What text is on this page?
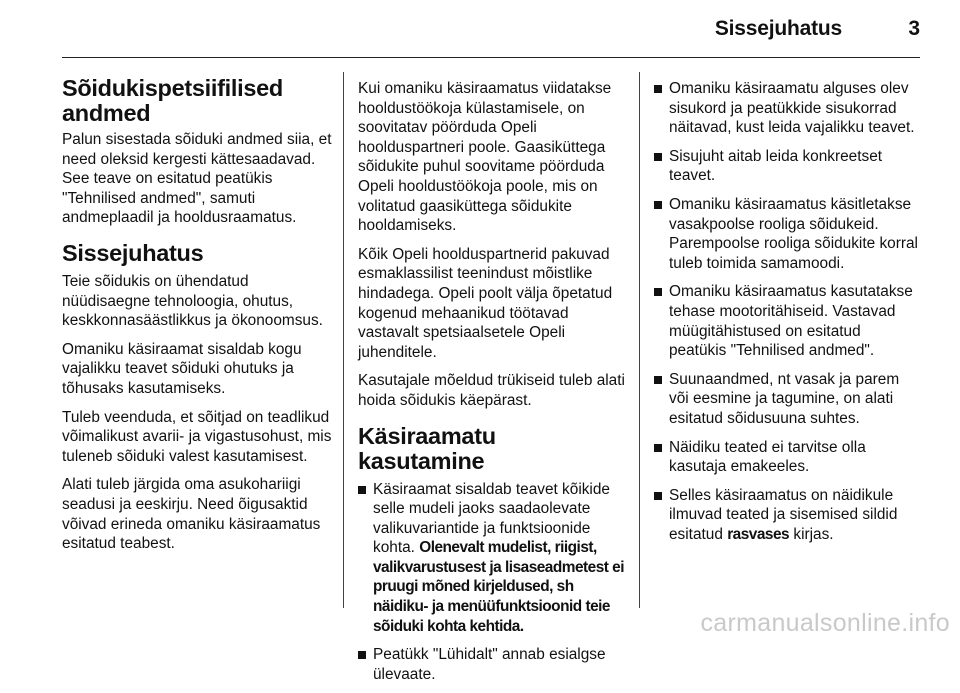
Sissejuhatus	3
Sõidukispetsiifilised andmed

Palun sisestada sõiduki andmed siia, et need oleksid kergesti kättesaadavad. See teave on esitatud peatükis "Tehnilised andmed", samuti andmeplaadil ja hooldusraamatus.

Sissejuhatus

Teie sõidukis on ühendatud nüüdisaegne tehnoloogia, ohutus, keskkonnasäästlikkus ja ökonoomsus.

Omaniku käsiraamat sisaldab kogu vajalikku teavet sõiduki ohutuks ja tõhusaks kasutamiseks.

Tuleb veenduda, et sõitjad on teadlikud võimalikust avarii- ja vigastusohust, mis tuleneb sõiduki valest kasutamisest.

Alati tuleb järgida oma asukohariigi seadusi ja eeskirju. Need õigusaktid võivad erineda omaniku käsiraamatus esitatud teabest.

Kui omaniku käsiraamatus viidatakse hooldustöökoja külastamisele, on soovitatav pöörduda Opeli hoolduspartneri poole. Gaasiküttega sõidukite puhul soovitame pöörduda Opeli hooldustöökoja poole, mis on volitatud gaasiküttega sõidukite hooldamiseks.

Kõik Opeli hoolduspartnerid pakuvad esmaklassilist teenindust mõistlike hindadega. Opeli poolt välja õpetatud kogenud mehaanikud töötavad vastavalt spetsiaalsetele Opeli juhenditele.

Kasutajale mõeldud trükiseid tuleb alati hoida sõidukis käepärast.

Käsiraamatu kasutamine
Käsiraamat sisaldab teavet kõikide selle mudeli jaoks saadaolevate valikuvariantide ja funktsioonide kohta. Olenevalt mudelist, riigist, valikvarustusest ja lisaseadmetest ei pruugi mõned kirjeldused, sh näidiku- ja menüüfunktsioonid teie sõiduki kohta kehtida.
Peatükk "Lühidalt" annab esialgse ülevaate.
Omaniku käsiraamatu alguses olev sisukord ja peatükkide sisukorrad näitavad, kust leida vajalikku teavet.
Sisujuht aitab leida konkreetset teavet.
Omaniku käsiraamatus käsitletakse vasakpoolse rooliga sõidukeid. Parempoolse rooliga sõidukite korral tuleb toimida samamoodi.
Omaniku käsiraamatus kasutatakse tehase mootoritähiseid. Vastavad müügitähistused on esitatud peatükis "Tehnilised andmed".
Suunaandmed, nt vasak ja parem või eesmine ja tagumine, on alati esitatud sõidusuuna suhtes.
Näidiku teated ei tarvitse olla kasutaja emakeeles.
Selles käsiraamatus on näidikule ilmuvad teated ja sisemised sildid esitatud rasvases kirjas.
carmanualsonline.info
